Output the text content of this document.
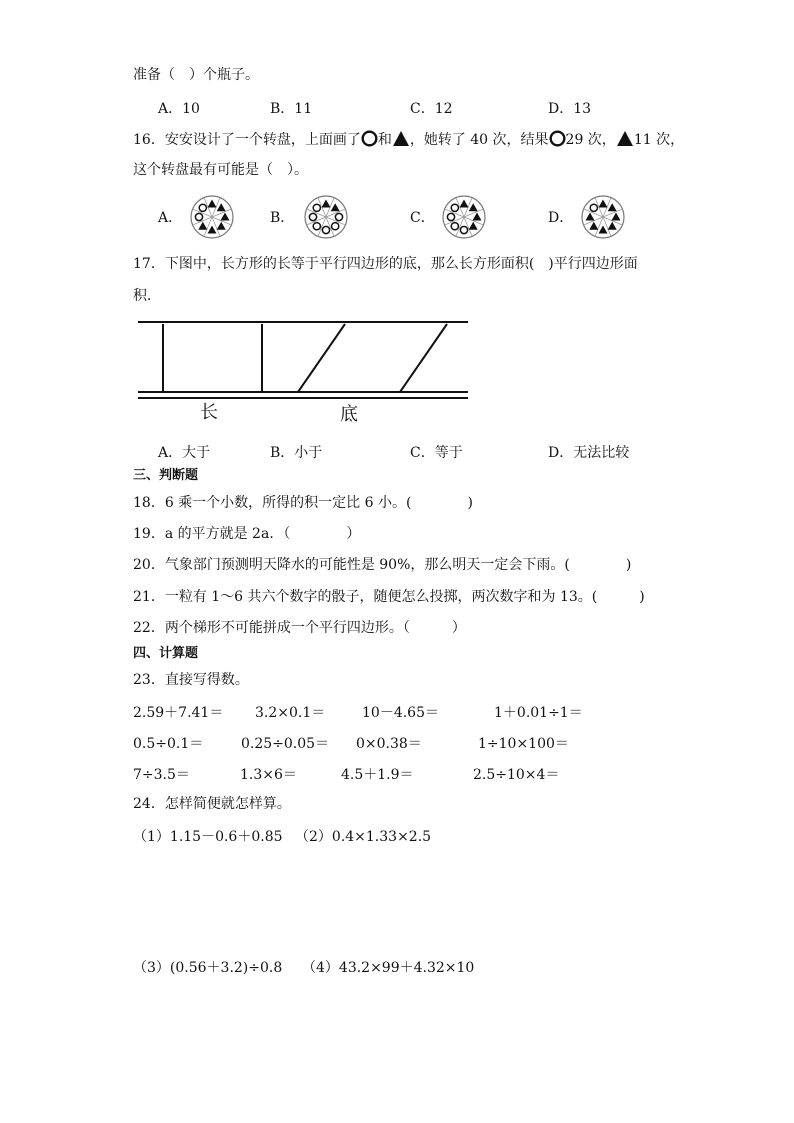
准备（　）个瓶子。
A．10	B．11	C．12	D．13
16．安安设计了一个转盘，上面画了 和 ，她转了 40 次，结果 29 次， 11 次，
这个转盘最有可能是（　）。
A．	B．	C．	D．
17．下图中，长方形的长等于平行四边形的底，那么长方形面积(　)平行四边形面
积．
长	底
A．大于	B．小于	C．等于	D．无法比较
三、判断题
18．6 乘一个小数，所得的积一定比 6 小。(　　　　)
19．a 的平方就是 2a．（　　　　）
20．气象部门预测明天降水的可能性是 90%，那么明天一定会下雨。(　　　　)
21．一粒有 1～6 共六个数字的骰子，随便怎么投掷，两次数字和为 13。(　　　)
22．两个梯形不可能拼成一个平行四边形。（　　　）
四、计算题
23．直接写得数。
2.59＋7.41＝ 3.2×0.1＝	10－4.65＝	1＋0.01÷1＝
0.5÷0.1＝	0.25÷0.05＝ 0×0.38＝	1÷10×100＝
7÷3.5＝	1.3×6＝	4.5＋1.9＝	2.5÷10×4＝
24．怎样简便就怎样算。
（1）1.15－0.6＋0.85 （2）0.4×1.33×2.5
（3）(0.56＋3.2)÷0.8 （4）43.2×99＋4.32×10
